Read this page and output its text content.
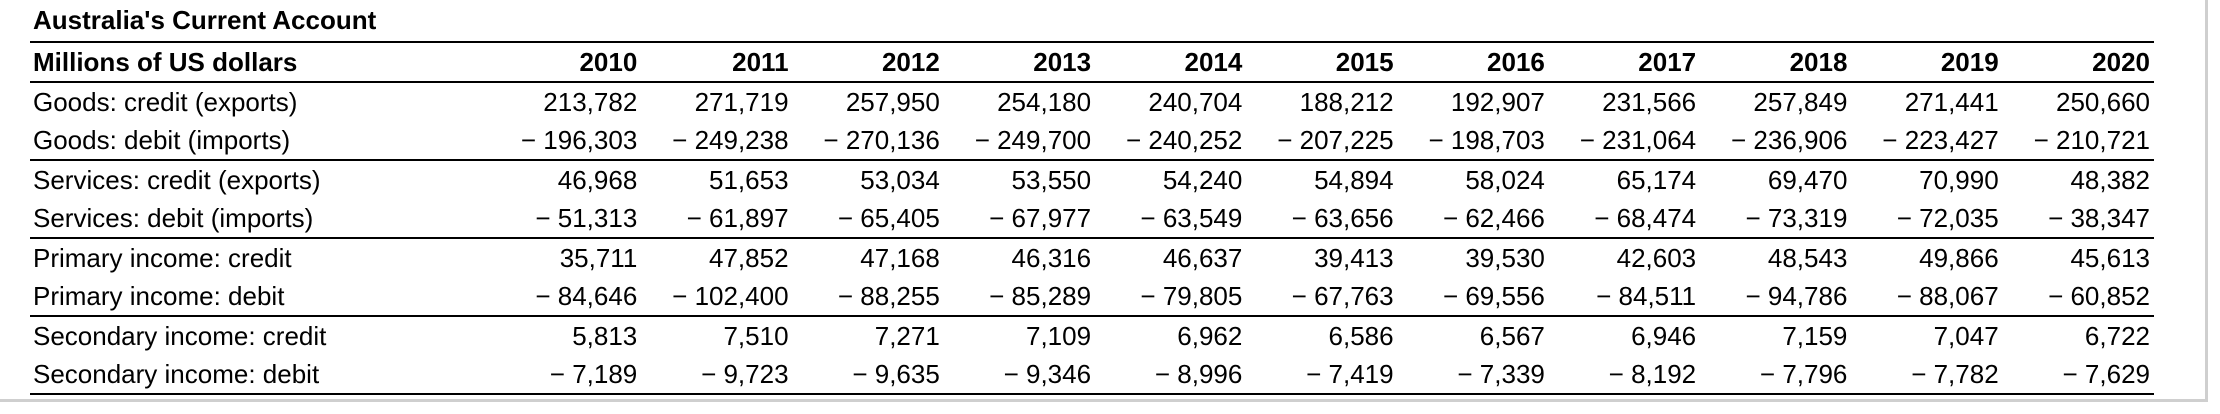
Australia's Current Account
Millions of US dollars	2010	2011	2012	2013	2014	2015	2016	2017	2018	2019	2020
Goods: credit (exports)	213,782	271,719	257,950	254,180	240,704	188,212	192,907	231,566	257,849	271,441	250,660
Goods: debit (imports)	− 196,303	− 249,238	− 270,136	− 249,700	− 240,252	− 207,225	− 198,703	− 231,064	− 236,906	− 223,427	− 210,721
Services: credit (exports)	46,968	51,653	53,034	53,550	54,240	54,894	58,024	65,174	69,470	70,990	48,382
Services: debit (imports)	− 51,313	− 61,897	− 65,405	− 67,977	− 63,549	− 63,656	− 62,466	− 68,474	− 73,319	− 72,035	− 38,347
Primary income: credit	35,711	47,852	47,168	46,316	46,637	39,413	39,530	42,603	48,543	49,866	45,613
Primary income: debit	− 84,646	− 102,400	− 88,255	− 85,289	− 79,805	− 67,763	− 69,556	− 84,511	− 94,786	− 88,067	− 60,852
Secondary income: credit	5,813	7,510	7,271	7,109	6,962	6,586	6,567	6,946	7,159	7,047	6,722
Secondary income: debit	− 7,189	− 9,723	− 9,635	− 9,346	− 8,996	− 7,419	− 7,339	− 8,192	− 7,796	− 7,782	− 7,629
